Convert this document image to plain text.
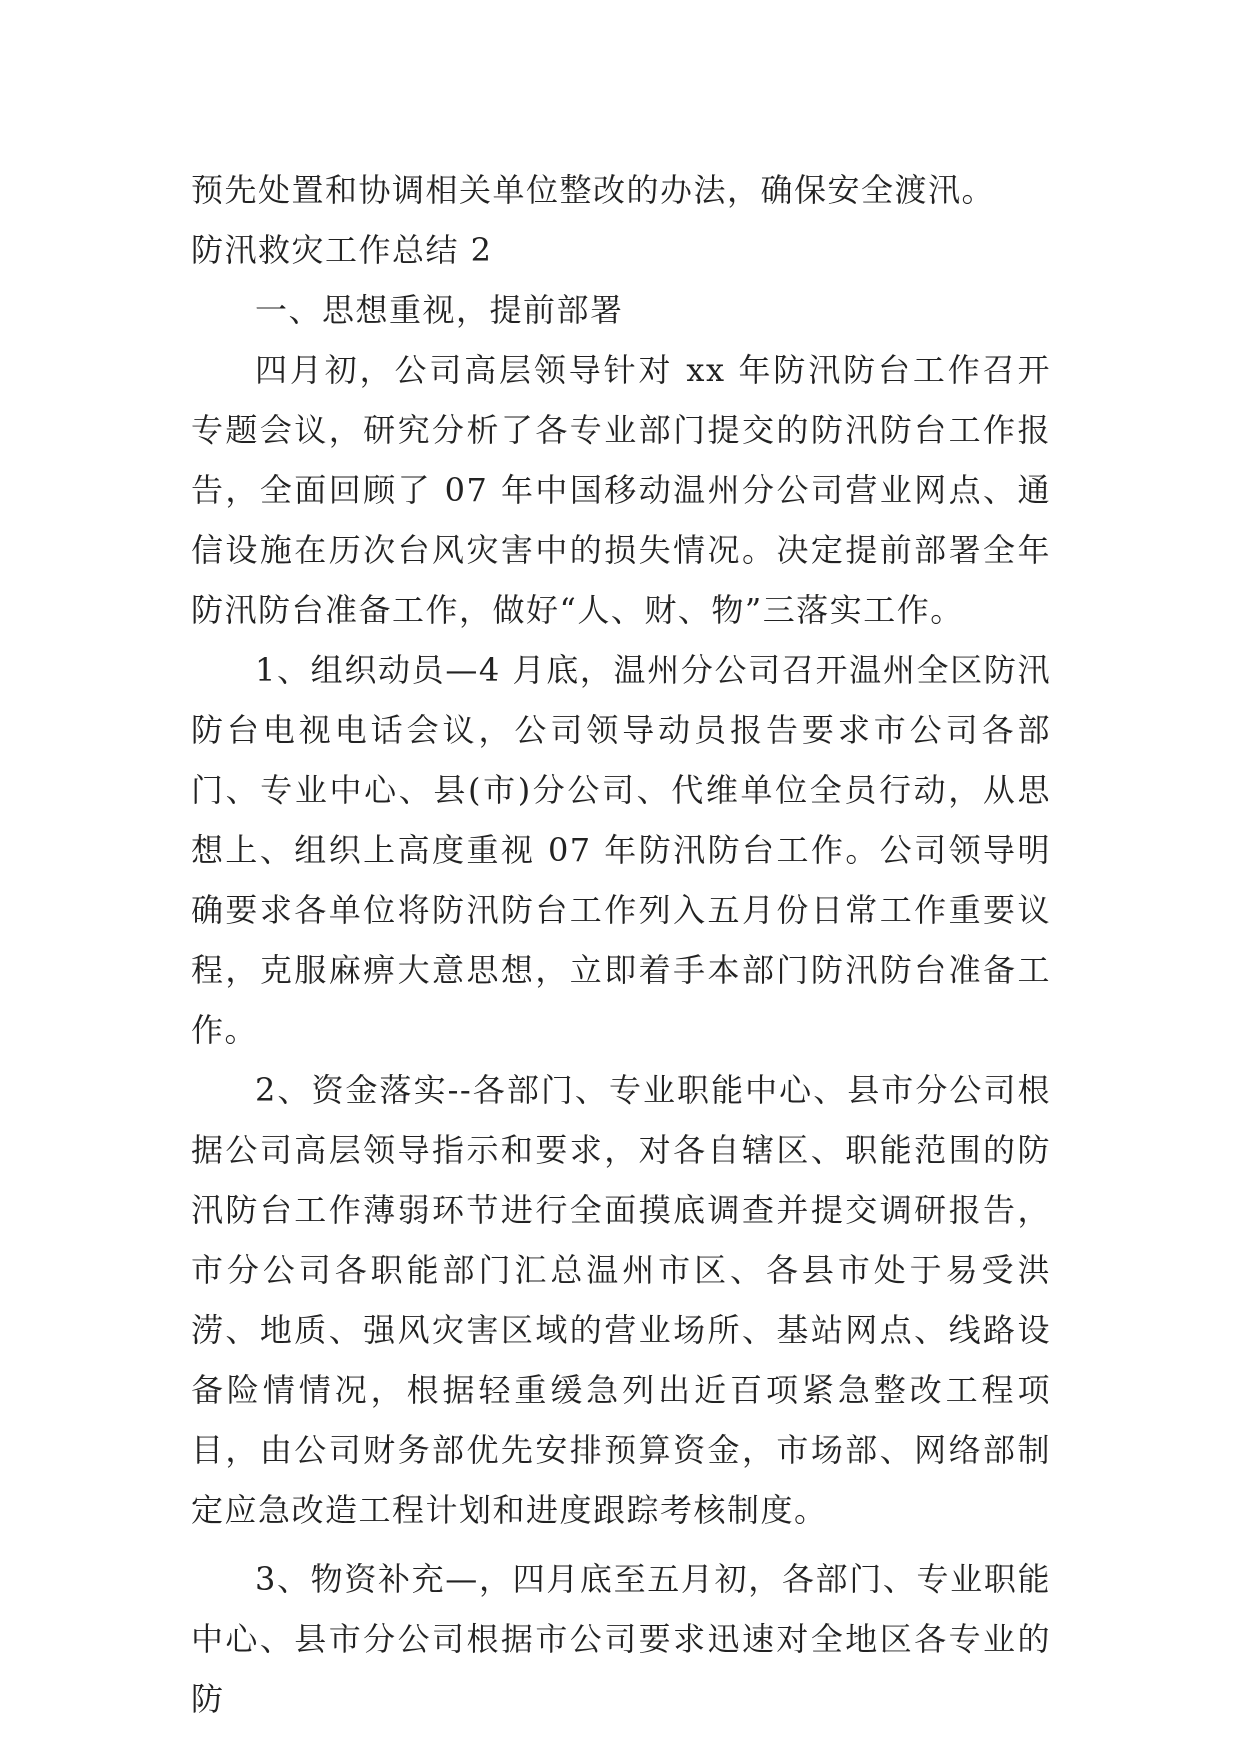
预先处置和协调相关单位整改的办法，确保安全渡汛。

防汛救灾工作总结 2

一、思想重视，提前部署

四月初，公司高层领导针对 xx 年防汛防台工作召开专题会议，研究分析了各专业部门提交的防汛防台工作报告，全面回顾了 07 年中国移动温州分公司营业网点、通信设施在历次台风灾害中的损失情况。决定提前部署全年防汛防台准备工作，做好“人、财、物”三落实工作。

1、组织动员—4 月底，温州分公司召开温州全区防汛防台电视电话会议，公司领导动员报告要求市公司各部门、专业中心、县(市)分公司、代维单位全员行动，从思想上、组织上高度重视 07 年防汛防台工作。公司领导明确要求各单位将防汛防台工作列入五月份日常工作重要议程，克服麻痹大意思想，立即着手本部门防汛防台准备工作。

2、资金落实--各部门、专业职能中心、县市分公司根据公司高层领导指示和要求，对各自辖区、职能范围的防汛防台工作薄弱环节进行全面摸底调查并提交调研报告，市分公司各职能部门汇总温州市区、各县市处于易受洪涝、地质、强风灾害区域的营业场所、基站网点、线路设备险情情况，根据轻重缓急列出近百项紧急整改工程项目，由公司财务部优先安排预算资金，市场部、网络部制定应急改造工程计划和进度跟踪考核制度。

3、物资补充—，四月底至五月初，各部门、专业职能中心、县市分公司根据市公司要求迅速对全地区各专业的防
